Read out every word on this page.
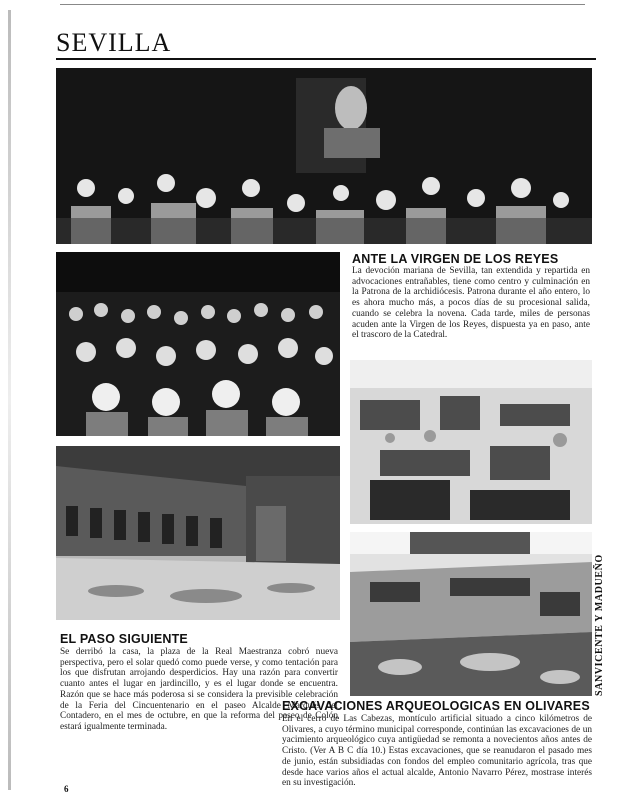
SEVILLA
ANTE LA VIRGEN DE LOS REYES

La devoción mariana de Sevilla, tan extendida y repartida en advocaciones entrañables, tiene como centro y culminación en la Patrona de la archidiócesis. Patrona durante el año entero, lo es ahora mucho más, a pocos días de su procesional salida, cuando se celebra la novena. Cada tarde, miles de personas acuden ante la Virgen de los Reyes, dispuesta ya en paso, ante el trascoro de la Catedral.

EL PASO SIGUIENTE

Se derribó la casa, la plaza de la Real Maestranza cobró nueva perspectiva, pero el solar quedó como puede verse, y como tentación para los que disfrutan arrojando desperdicios. Hay una razón para convertir cuanto antes el lugar en jardincillo, y es el lugar donde se encuentra. Razón que se hace más poderosa si se considera la previsible celebración de la Feria del Cincuentenario en el paseo Alcalde Marqués del Contadero, en el mes de octubre, en que la reforma del paseo de Colón estará igualmente terminada.

EXCAVACIONES ARQUEOLOGICAS EN OLIVARES

En el cerro de Las Cabezas, montículo artificial situado a cinco kilómetros de Olivares, a cuyo término municipal corresponde, continúan las excavaciones de un yacimiento arqueológico cuya antigüedad se remonta a novecientos años antes de Cristo. (Ver A B C día 10.) Estas excavaciones, que se reanudaron el pasado mes de junio, están subsidiadas con fondos del empleo comunitario agrícola, tras que desde hace varios años el actual alcalde, Antonio Navarro Pérez, mostrase interés en su investigación.

SANVICENTE Y MADUEÑO
6
